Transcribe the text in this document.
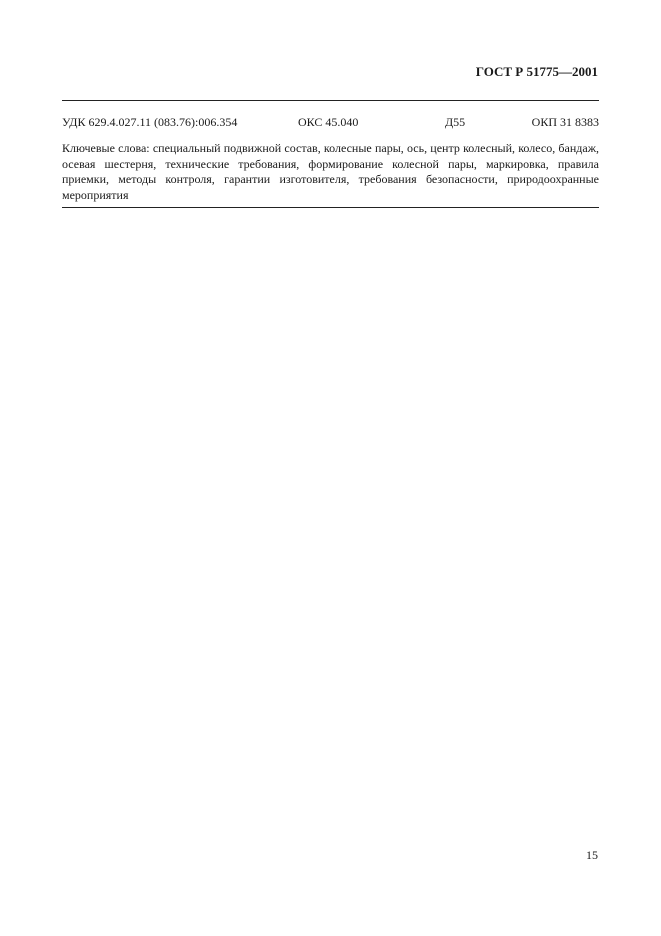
ГОСТ Р 51775—2001
УДК 629.4.027.11 (083.76):006.354	ОКС 45.040	Д55	ОКП 31 8383
Ключевые слова: специальный подвижной состав, колесные пары, ось, центр колесный, колесо, бандаж, осевая шестерня, технические требования, формирование колесной пары, маркировка, правила приемки, методы контроля, гарантии изготовителя, требования безопасности, природоохранные мероприятия
15
